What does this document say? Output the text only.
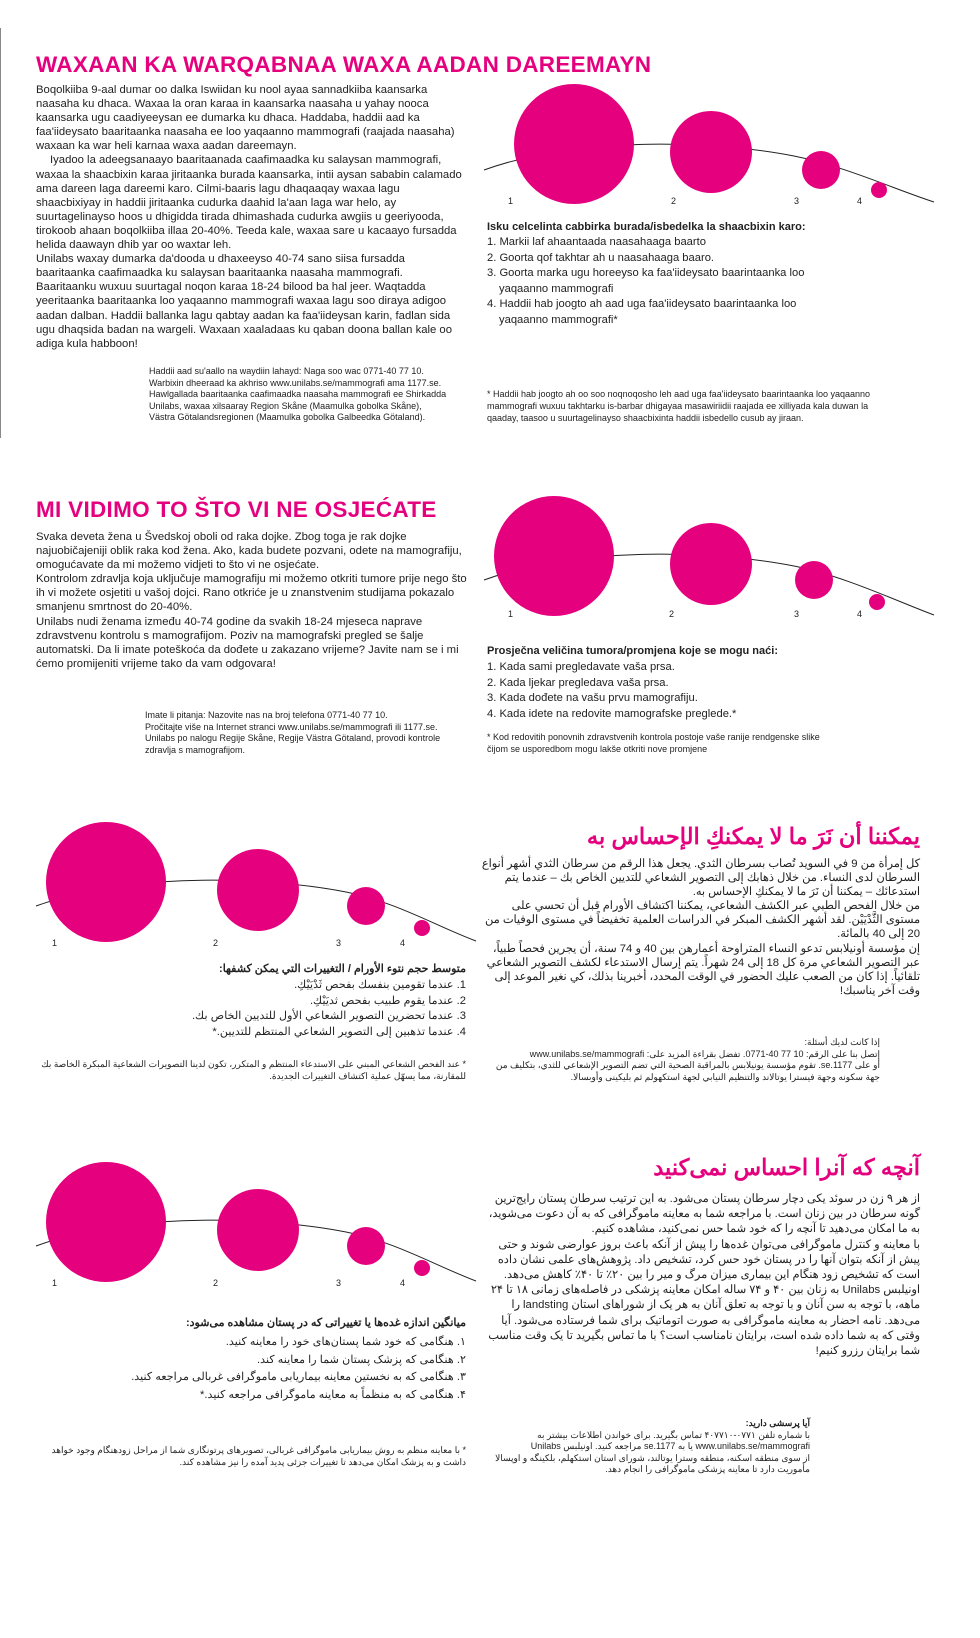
WAXAAN KA WARQABNAA WAXA AADAN DAREEMAYN

Boqolkiiba 9-aal dumar oo dalka Iswiidan ku nool ayaa sannadkiiba kaansarka naasaha ku dhaca. Waxaa la oran karaa in kaansarka naasaha u yahay nooca kaansarka ugu caadiyeeysan ee dumarka ku dhaca. Haddaba, haddii aad ka faa'iideysato baaritaanka naasaha ee loo yaqaanno mammografi (raajada naasaha) waxaan ka war heli karnaa waxa aadan dareemayn.

Iyadoo la adeegsanaayo baaritaanada caafimaadka ku salaysan mammografi, waxaa la shaacbixin karaa jiritaanka burada kaansarka, intii aysan sababin calamado ama dareen laga dareemi karo. Cilmi-baaris lagu dhaqaaqay waxaa lagu shaacbixiyay in haddii jiritaanka cudurka daahid la'aan laga war helo, ay suurtagelinayso hoos u dhigidda tirada dhimashada cudurka awgiis u geeriyooda, tirokoob ahaan boqolkiiba illaa 20-40%. Teeda kale, waxaa sare u kacaayo fursadda helida daawayn dhib yar oo waxtar leh.

Unilabs waxay dumarka da'dooda u dhaxeeyso 40-74 sano siisa fursadda baaritaanka caafimaadka ku salaysan baaritaanka naasaha mammografi. Baaritaanku wuxuu suurtagal noqon karaa 18-24 bilood ba hal jeer. Waqtadda yeeritaanka baaritaanka loo yaqaanno mammografi waxaa lagu soo diraya adigoo aadan dalban. Haddii ballanka lagu qabtay aadan ka faa'iideysan karin, fadlan sida ugu dhaqsida badan na wargeli. Waxaan xaaladaas ku qaban doona ballan kale oo adiga kula habboon!

Haddii aad su'aallo na waydiin lahayd: Naga soo wac 0771-40 77 10.
Warbixin dheeraad ka akhriso www.unilabs.se/mammografi ama 1177.se.
Hawlgallada baaritaanka caafimaadka naasaha mammografi ee Shirkadda
Unilabs, waxaa xilsaaray Region Skåne (Maamulka gobolka Skåne),
Västra Götalandsregionen (Maamulka gobolka Galbeedka Götaland).
1	2	3	4
Isku celcelinta cabbirka burada/isbedelka la shaacbixin karo:
1. Markii laf ahaantaada naasahaaga baarto
2. Goorta qof takhtar ah u naasahaaga baaro.
3. Goorta marka ugu horeeyso ka faa'iideysato baarintaanka loo yaqaanno mammografi
4. Haddii hab joogto ah aad uga faa'iideysato baarintaanka loo yaqaanno mammografi*
* Haddii hab joogto ah oo soo noqnoqosho leh aad uga faa'iideysato baarintaanka loo yaqaanno mammografi wuxuu takhtarku is-barbar dhigayaa masawiriidii raajada ee xilliyada kala duwan la qaaday, taasoo u suurtagelinayso shaacbixinta haddii isbedello cusub ay jiraan.
MI VIDIMO TO ŠTO VI NE OSJEĆATE

Svaka deveta žena u Švedskoj oboli od raka dojke. Zbog toga je rak dojke najuobičajeniji oblik raka kod žena. Ako, kada budete pozvani, odete na mamografiju, omogućavate da mi možemo vidjeti to što vi ne osjećate.

Kontrolom zdravlja koja uključuje mamografiju mi možemo otkriti tumore prije nego što ih vi možete osjetiti u vašoj dojci. Rano otkriće je u znanstvenim studijama pokazalo smanjenu smrtnost do 20-40%.

Unilabs nudi ženama između 40-74 godine da svakih 18-24 mjeseca naprave zdravstvenu kontrolu s mamografijom. Poziv na mamografski pregled se šalje automatski. Da li imate poteškoća da dođete u zakazano vrijeme? Javite nam se i mi ćemo promijeniti vrijeme tako da vam odgovara!

Imate li pitanja: Nazovite nas na broj telefona 0771-40 77 10.
Pročitajte više na Internet stranci www.unilabs.se/mammografi ili 1177.se.
Unilabs po nalogu Regije Skåne, Regije Västra Götaland, provodi kontrole
zdravlja s mamografijom.
1	2	3	4
Prosječna veličina tumora/promjena koje se mogu naći:
1. Kada sami pregledavate vaša prsa.
2. Kada ljekar pregledava vaša prsa.
3. Kada dođete na vašu prvu mamografiju.
4. Kada idete na redovite mamografske preglede.*
* Kod redovitih ponovnih zdravstvenih kontrola postoje vaše ranije rendgenske slike čijom se usporedbom mogu lakše otkriti nove promjene
يمكننا أن نَرَ ما لا يمكنكِ الإحساس به

كل إمرأة من 9 في السويد تُصاب بسرطان الثدي. يجعل هذا الرقم من سرطان الثدي أشهر أنواع السرطان لدى النساء. من خلال ذهابك إلى التصوير الشعاعي للتديين الخاص بك – عندما يتم استدعائك – يمكننا أن نَرَ ما لا يمكنكِ الإحساس به.

من خلال الفحص الطبي عبر الكشف الشعاعي، يمكننا اكتشاف الأورام قبل أن تحسي على مستوى الثَّدْيَيْن. لقد أشهر الكشف المبكر في الدراسات العلمية تخفيضاً في مستوى الوفيات من 20 إلى 40 بالمائة.

إن مؤسسة أونيلابس تدعو النساء المتراوحة أعمارهن بين 40 و 74 سنة، أن يجرين فحصاً طبياً، عبر التصوير الشعاعي مرة كل 18 إلى 24 شهراً. يتم إرسال الاستدعاء لكشف التصوير الشعاعي تلقائياً. إذا كان من الصعب عليك الحضور في الوقت المحدد، أخبرينا بذلك، كي نغير الموعد إلى وقت آخر يناسبك!

إذا كانت لديك أسئلة:
إتصل بنا على الرقم: 10 77 40-0771. تفضل بقراءة المزيد على: www.unilabs.se/mammografi
أو على 1177.se. تقوم مؤسسة يونيلابس بالمراقبة الصحية التي تضم التصوير الإشعاعي للثدي، بتكليف من
جهة سكونه وجهة فيسترا يوتالاند والتنظيم النيابي لجهة استكهولم ثم بليكينى وأوبسالا.
1	2	3	4
متوسط حجم نتوء الأورام / التغييرات التي يمكن كشفها:
1. عندما تقومين بنفسك بفحص ثَدْيَيْكِ.
2. عندما يقوم طبيب بفحص ثديَيْكِ.
3. عندما تحضرين التصوير الشعاعي الأول للتديين الخاص بك.
4. عندما تذهبين إلى التصوير الشعاعي المنتظم للتديين.*
* عند الفحص الشعاعي المبني على الاستدعاء المنتظم و المتكرر، تكون لدينا التصويرات الشعاعية المبكرة الخاصة بك للمقارنة، مما يسهّل عملية اكتشاف التغييرات الجديدة.
آنچه که آنرا احساس نمی‌کنید

از هر ۹ زن در سوئد یکی دچار سرطان پستان می‌شود. به این ترتیب سرطان پستان رایج‌ترین گونه سرطان در بین زنان است. با مراجعه شما به معاینه ماموگرافی که به آن دعوت می‌شوید، به ما امکان می‌دهید تا آنچه را که خود شما حس نمی‌کنید، مشاهده کنیم.

با معاینه و کنترل ماموگرافی می‌توان غده‌ها را پیش از آنکه باعث بروز عوارضی شوند و حتی پیش از آنکه بتوان آنها را در پستان خود حس کرد، تشخیص داد. پژوهش‌های علمی نشان داده است که تشخیص زود هنگام این بیماری میزان مرگ و میر را بین ۲۰٪ تا ۴۰٪ کاهش می‌دهد.

اونیلبس Unilabs به زنان بین ۴۰ و ۷۴ ساله امکان معاینه پزشکی در فاصله‌های زمانی ۱۸ تا ۲۴ ماهه، با توجه به سن آنان و با توجه به تعلق آنان به هر یک از شوراهای استان landsting را می‌دهد. نامه احضار به معاینه ماموگرافی به صورت اتوماتیک برای شما فرستاده می‌شود. آیا وقتی که به شما داده شده است، برایتان نامناسب است؟ با ما تماس بگیرید تا یک وقت مناسب شما برایتان رزرو کنیم!

آیا پرسشی دارید:
با شماره تلفن ۰۷۷۱-۴۰۷۷۱۰ تماس بگیرید. برای خواندن اطلاعات بیشتر به
www.unilabs.se/mammografi یا به 1177.se مراجعه کنید. اونیلبس Unilabs
از سوی منطقه اسکنه، منطقه وسترا یوتالند، شورای استان استکهلم، بلکینگه و اوپسالا
مأموریت دارد تا معاینه پزشکی ماموگرافی را انجام دهد.
1	2	3	4
میانگین اندازه غده‌ها یا تغییراتی که در پستان مشاهده می‌شود:
۱. هنگامی که خود شما پستان‌های خود را معاینه کنید.
۲. هنگامی که پزشک پستان شما را معاینه کند.
۳. هنگامی که به نخستین معاینه بیماریابی ماموگرافی غربالی مراجعه کنید.
۴. هنگامی که به منظماً به معاینه ماموگرافی مراجعه کنید.*
* با معاینه منظم به روش بیماریابی ماموگرافی غربالی، تصویرهای پرتونگاری شما از مراحل زودهنگام وجود خواهد داشت و به پزشک امکان می‌دهد تا تغییرات جزئی پدید آمده را نیز مشاهده کند.
